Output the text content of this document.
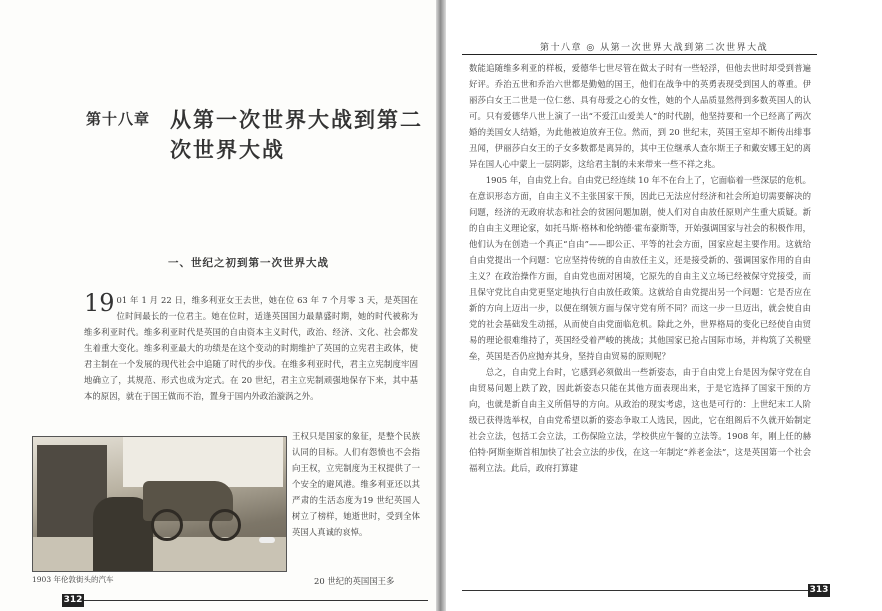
第十八章 从第一次世界大战到第二
次世界大战
一、世纪之初到第一次世界大战
19 01 年 1 月 22 日，维多利亚女王去世，她在位 63 年 7 个月零 3 天，是英国在位时间最长的一位君主。她在位时，适逢英国国力最鼎盛时期，她的时代被称为维多利亚时代。维多利亚时代是英国的自由资本主义时代，政治、经济、文化、社会都发生着重大变化。维多利亚最大的功绩是在这个变动的时期维护了英国的立宪君主政体，使君主制在一个发展的现代社会中追随了时代的步伐。在维多利亚时代，君主立宪制度牢固地确立了，其规范、形式也成为定式。在 20 世纪，君主立宪制顽强地保存下来，其中基本的原因，就在于国王做而不治，置身于国内外政治漩涡之外。
1903 年伦敦街头的汽车
王权只是国家的象征，是整个民族认同的目标。人们有怨愤也不会指向王权，立宪制度为王权提供了一个安全的避风港。维多利亚还以其严肃的生活态度为19 世纪英国人树立了榜样，她逝世时，受到全体英国人真诚的哀悼。
20 世纪的英国国王多
312
第十八章 ◎ 从第一次世界大战到第二次世界大战

数能追随维多利亚的样板，爱德华七世尽管在做太子时有一些轻浮，但他去世时却受到普遍好评。乔治五世和乔治六世都是勤勉的国王，他们在战争中的英勇表现受到国人的尊重。伊丽莎白女王二世是一位仁慈、具有母爱之心的女性，她的个人品质显然得到多数英国人的认可。只有爱德华八世上演了一出“不爱江山爱美人”的时代剧，他坚持要和一个已经离了两次婚的美国女人结婚，为此他被迫放弃王位。然而，到 20 世纪末，英国王室却不断传出绯事丑闻，伊丽莎白女王的子女多数都是离异的，其中王位继承人查尔斯王子和戴安娜王妃的离异在国人心中蒙上一层阴影，这给君主制的未来带来一些不祥之兆。

1905 年，自由党上台。自由党已经连续 10 年不在台上了，它面临着一些深层的危机。在意识形态方面，自由主义不主张国家干预，因此已无法应付经济和社会所迫切需要解决的问题，经济的无政府状态和社会的贫困问题加剧，使人们对自由放任原则产生重大质疑。新的自由主义理论家，如托马斯·格林和伦纳德·霍布豪斯等，开始强调国家与社会的积极作用，他们认为在创造一个真正“自由”——即公正、平等的社会方面，国家应起主要作用。这就给自由党提出一个问题：它应坚持传统的自由放任主义，还是接受新的、强调国家作用的自由主义？在政治操作方面，自由党也面对困境，它原先的自由主义立场已经被保守党接受，而且保守党比自由党更坚定地执行自由放任政策。这就给自由党提出另一个问题：它是否应在新的方向上迈出一步，以便在纲领方面与保守党有所不同？而这一步一旦迈出，就会使自由党的社会基础发生动摇，从而使自由党面临危机。除此之外，世界格局的变化已经使自由贸易的理论很难维持了，英国经受着严峻的挑战；其他国家已抢占国际市场，并构筑了关税壁垒，英国是否仍应抛弃其身，坚持自由贸易的原则呢？

总之，自由党上台时，它感到必须做出一些新姿态，由于自由党上台是因为保守党在自由贸易问题上跌了跤，因此新姿态只能在其他方面表现出来，于是它选择了国家干预的方向，也就是新自由主义所倡导的方向。从政治的现实考虑，这也是可行的：上世纪末工人阶级已获得选举权，自由党希望以新的姿态争取工人选民，因此，它在组阁后不久就开始制定社会立法，包括工会立法，工伤保险立法，学校供应午餐的立法等。1908 年，刚上任的赫伯特·阿斯奎斯首相加快了社会立法的步伐，在这一年制定“养老金法”，这是英国第一个社会福利立法。此后，政府打算建

313
